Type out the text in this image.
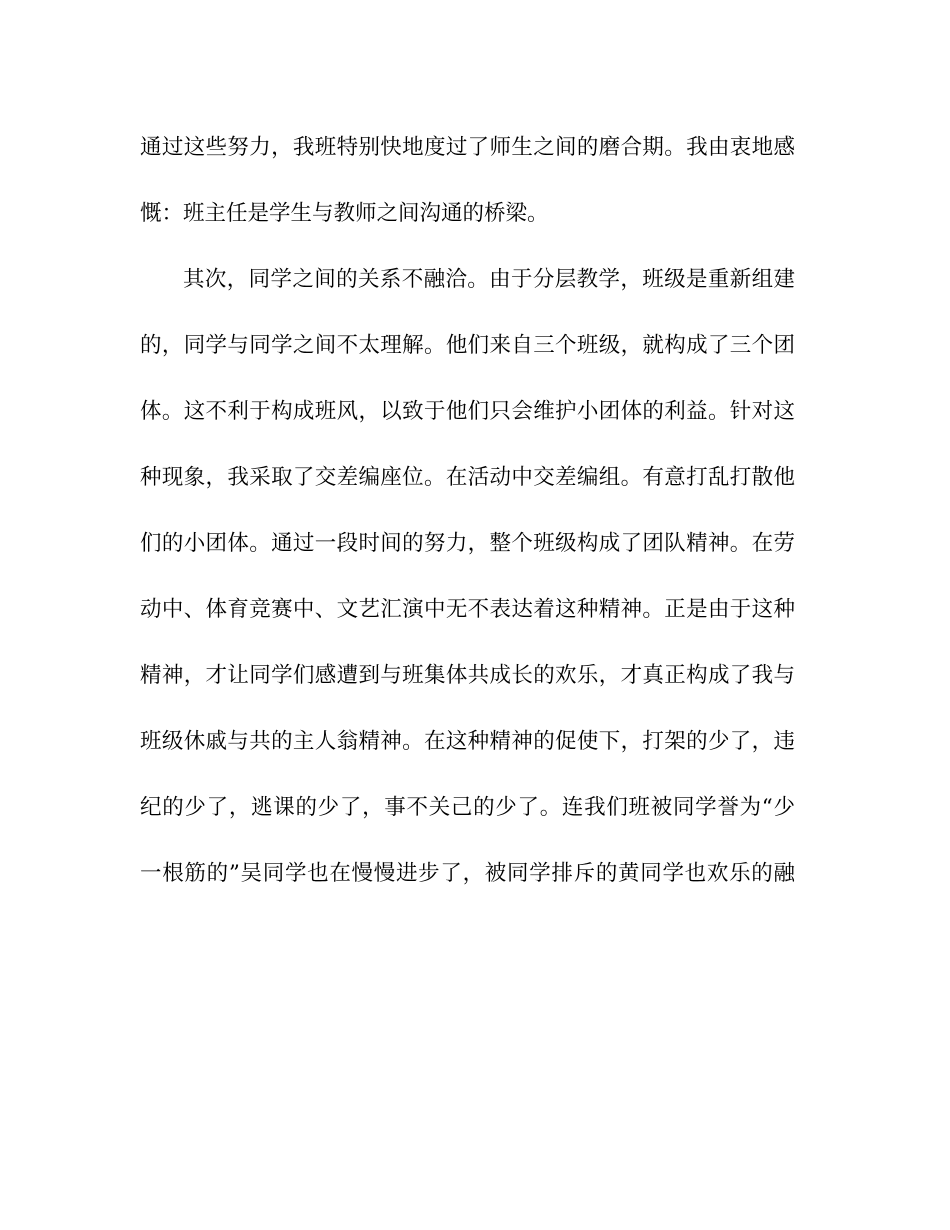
通过这些努力，我班特别快地度过了师生之间的磨合期。我由衷地感
慨：班主任是学生与教师之间沟通的桥梁。
其次，同学之间的关系不融洽。由于分层教学，班级是重新组建
的，同学与同学之间不太理解。他们来自三个班级，就构成了三个团
体。这不利于构成班风，以致于他们只会维护小团体的利益。针对这
种现象，我采取了交差编座位。在活动中交差编组。有意打乱打散他
们的小团体。通过一段时间的努力，整个班级构成了团队精神。在劳
动中、体育竞赛中、文艺汇演中无不表达着这种精神。正是由于这种
精神，才让同学们感遭到与班集体共成长的欢乐，才真正构成了我与
班级休戚与共的主人翁精神。在这种精神的促使下，打架的少了，违
纪的少了，逃课的少了，事不关己的少了。连我们班被同学誉为“少
一根筋的”吴同学也在慢慢进步了，被同学排斥的黄同学也欢乐的融
